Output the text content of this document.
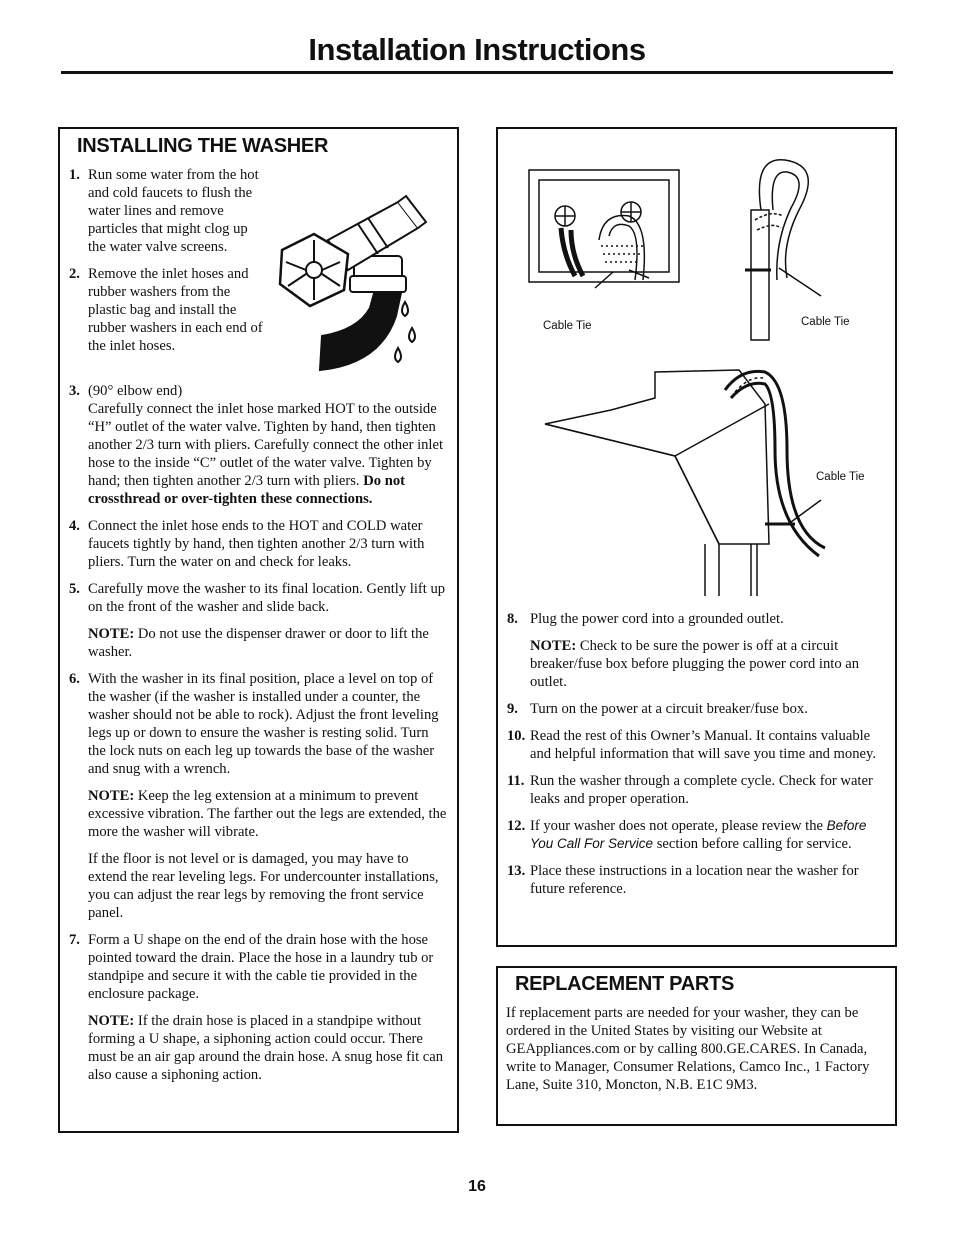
Installation Instructions
INSTALLING THE WASHER
1. Run some water from the hot and cold faucets to flush the water lines and remove particles that might clog up the water valve screens.

2. Remove the inlet hoses and rubber washers from the plastic bag and install the rubber washers in each end of the inlet hoses.

3. (90° elbow end)

Carefully connect the inlet hose marked HOT to the outside “H” outlet of the water valve. Tighten by hand, then tighten another 2/3 turn with pliers. Carefully connect the other inlet hose to the inside “C” outlet of the water valve. Tighten by hand; then tighten another 2/3 turn with pliers. Do not crossthread or over-tighten these connections.

4. Connect the inlet hose ends to the HOT and COLD water faucets tightly by hand, then tighten another 2/3 turn with pliers. Turn the water on and check for leaks.

5. Carefully move the washer to its final location. Gently lift up on the front of the washer and slide back.

NOTE: Do not use the dispenser drawer or door to lift the washer.

6. With the washer in its final position, place a level on top of the washer (if the washer is installed under a counter, the washer should not be able to rock). Adjust the front leveling legs up or down to ensure the washer is resting solid. Turn the lock nuts on each leg up towards the base of the washer and snug with a wrench.

NOTE: Keep the leg extension at a minimum to prevent excessive vibration. The farther out the legs are extended, the more the washer will vibrate.

If the floor is not level or is damaged, you may have to extend the rear leveling legs. For undercounter installations, you can adjust the rear legs by removing the front service panel.

7. Form a U shape on the end of the drain hose with the hose pointed toward the drain. Place the hose in a laundry tub or standpipe and secure it with the cable tie provided in the enclosure package.

NOTE: If the drain hose is placed in a standpipe without forming a U shape, a siphoning action could occur. There must be an air gap around the drain hose. A snug hose fit can also cause a siphoning action.

Cable Tie	Cable Tie
Cable Tie
8. Plug the power cord into a grounded outlet.

NOTE: Check to be sure the power is off at a circuit breaker/fuse box before plugging the power cord into an outlet.

9. Turn on the power at a circuit breaker/fuse box.

10. Read the rest of this Owner’s Manual. It contains valuable and helpful information that will save you time and money.

11. Run the washer through a complete cycle. Check for water leaks and proper operation.

12. If your washer does not operate, please review the Before You Call For Service section before calling for service.

13. Place these instructions in a location near the washer for future reference.

REPLACEMENT PARTS

If replacement parts are needed for your washer, they can be ordered in the United States by visiting our Website at GEAppliances.com or by calling 800.GE.CARES. In Canada, write to Manager, Consumer Relations, Camco Inc., 1 Factory Lane, Suite 310, Moncton, N.B. E1C 9M3.

16
